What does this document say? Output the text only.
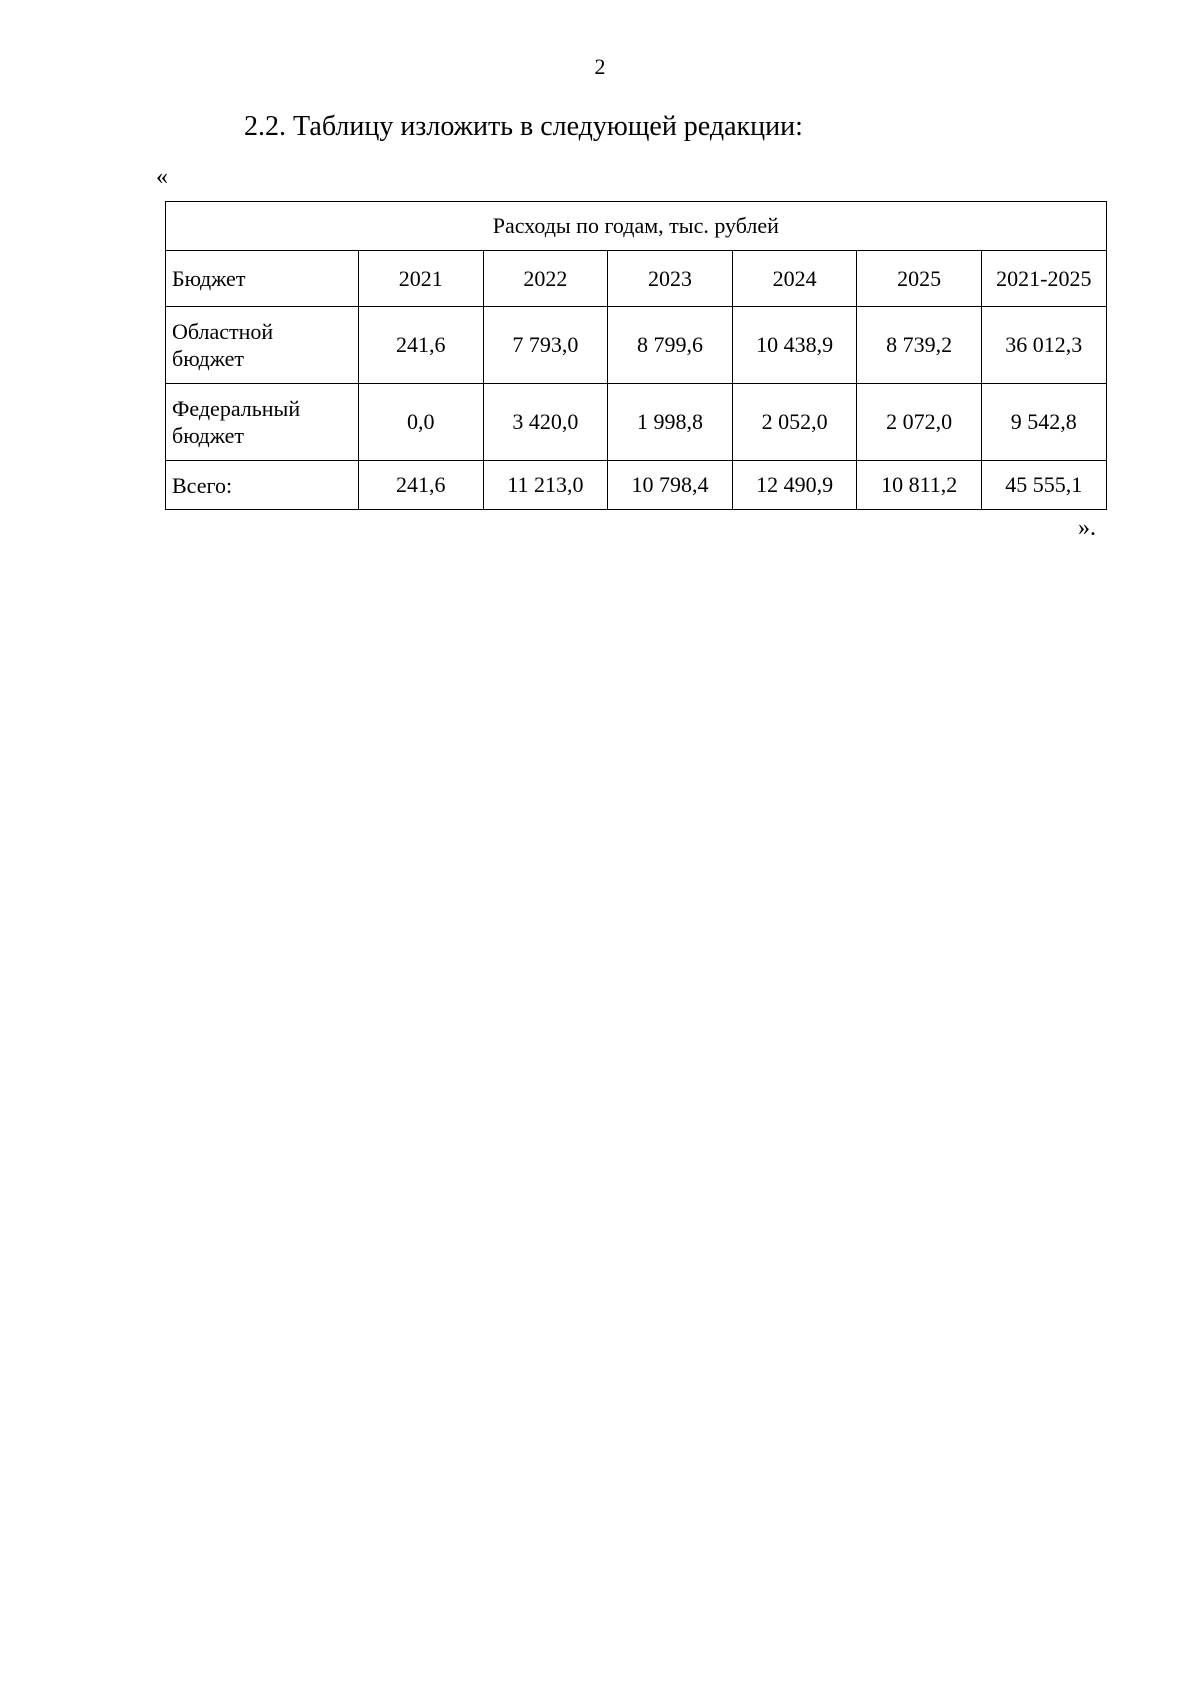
2
2.2. Таблицу изложить в следующей редакции:
«
Расходы по годам, тыс. рублей						
Бюджет	2021	2022	2023	2024	2025	2021-2025
Областной
бюджет	241,6	7 793,0	8 799,6	10 438,9	8 739,2	36 012,3
Федеральный
бюджет	0,0	3 420,0	1 998,8	2 052,0	2 072,0	9 542,8
Всего:	241,6	11 213,0	10 798,4	12 490,9	10 811,2	45 555,1
».
